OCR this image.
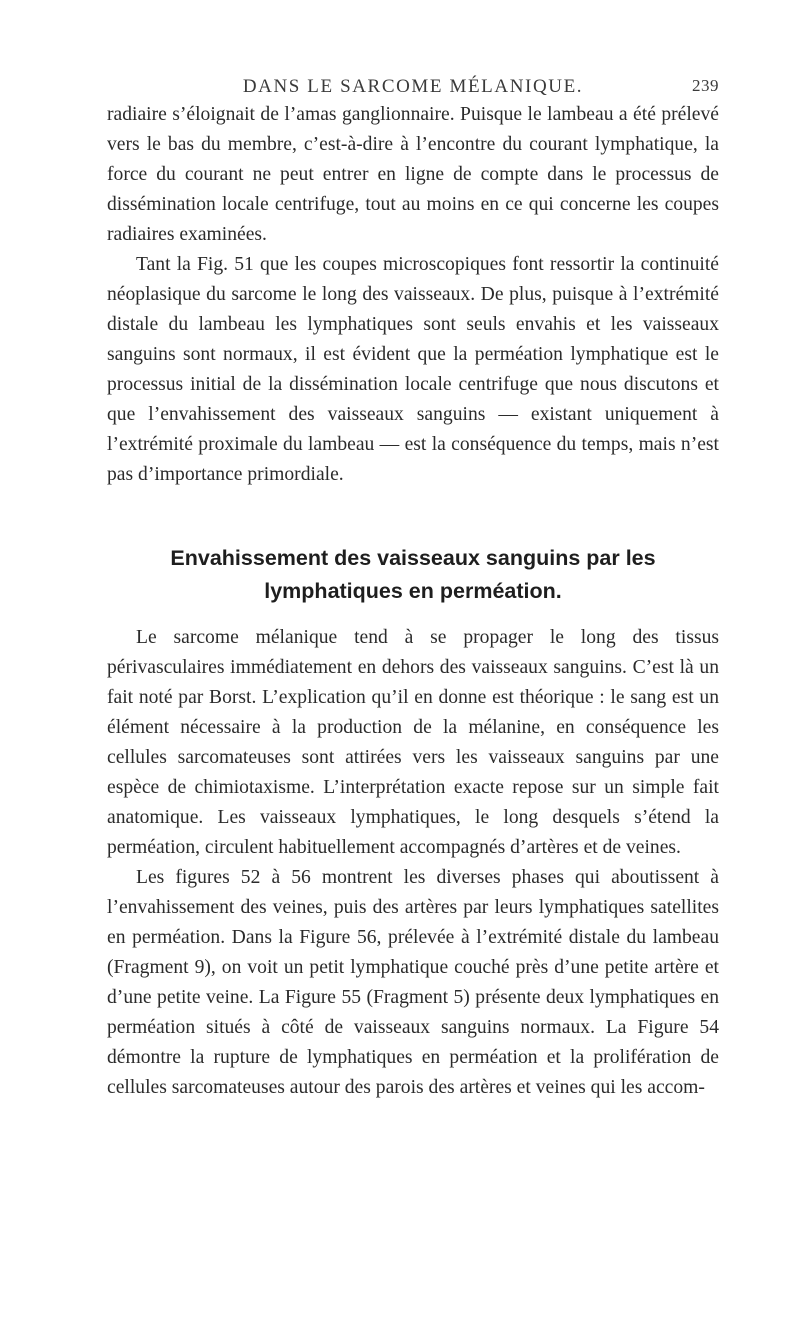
DANS LE SARCOME MÉLANIQUE.	239

radiaire s’éloignait de l’amas ganglionnaire. Puisque le lambeau a été prélevé vers le bas du membre, c’est-à-dire à l’encontre du courant lymphatique, la force du courant ne peut entrer en ligne de compte dans le processus de dissémination locale centrifuge, tout au moins en ce qui concerne les coupes radiaires examinées.

Tant la Fig. 51 que les coupes microscopiques font ressortir la continuité néoplasique du sarcome le long des vaisseaux. De plus, puisque à l’extrémité distale du lambeau les lymphatiques sont seuls envahis et les vaisseaux sanguins sont normaux, il est évident que la perméation lymphatique est le processus initial de la dissémination locale centrifuge que nous discutons et que l’envahissement des vaisseaux sanguins — existant uniquement à l’extrémité proximale du lambeau — est la conséquence du temps, mais n’est pas d’importance primordiale.

Envahissement des vaisseaux sanguins par les lymphatiques en perméation.

Le sarcome mélanique tend à se propager le long des tissus périvasculaires immédiatement en dehors des vaisseaux sanguins. C’est là un fait noté par Borst. L’explication qu’il en donne est théorique : le sang est un élément nécessaire à la production de la mélanine, en conséquence les cellules sarcomateuses sont attirées vers les vaisseaux sanguins par une espèce de chimiotaxisme. L’interprétation exacte repose sur un simple fait anatomique. Les vaisseaux lymphatiques, le long desquels s’étend la perméation, circulent habituellement accompagnés d’artères et de veines.

Les figures 52 à 56 montrent les diverses phases qui aboutissent à l’envahissement des veines, puis des artères par leurs lymphatiques satellites en perméation. Dans la Figure 56, prélevée à l’extrémité distale du lambeau (Fragment 9), on voit un petit lymphatique couché près d’une petite artère et d’une petite veine. La Figure 55 (Fragment 5) présente deux lymphatiques en perméation situés à côté de vaisseaux sanguins normaux. La Figure 54 démontre la rupture de lymphatiques en perméation et la prolifération de cellules sarcomateuses autour des parois des artères et veines qui les accom-
